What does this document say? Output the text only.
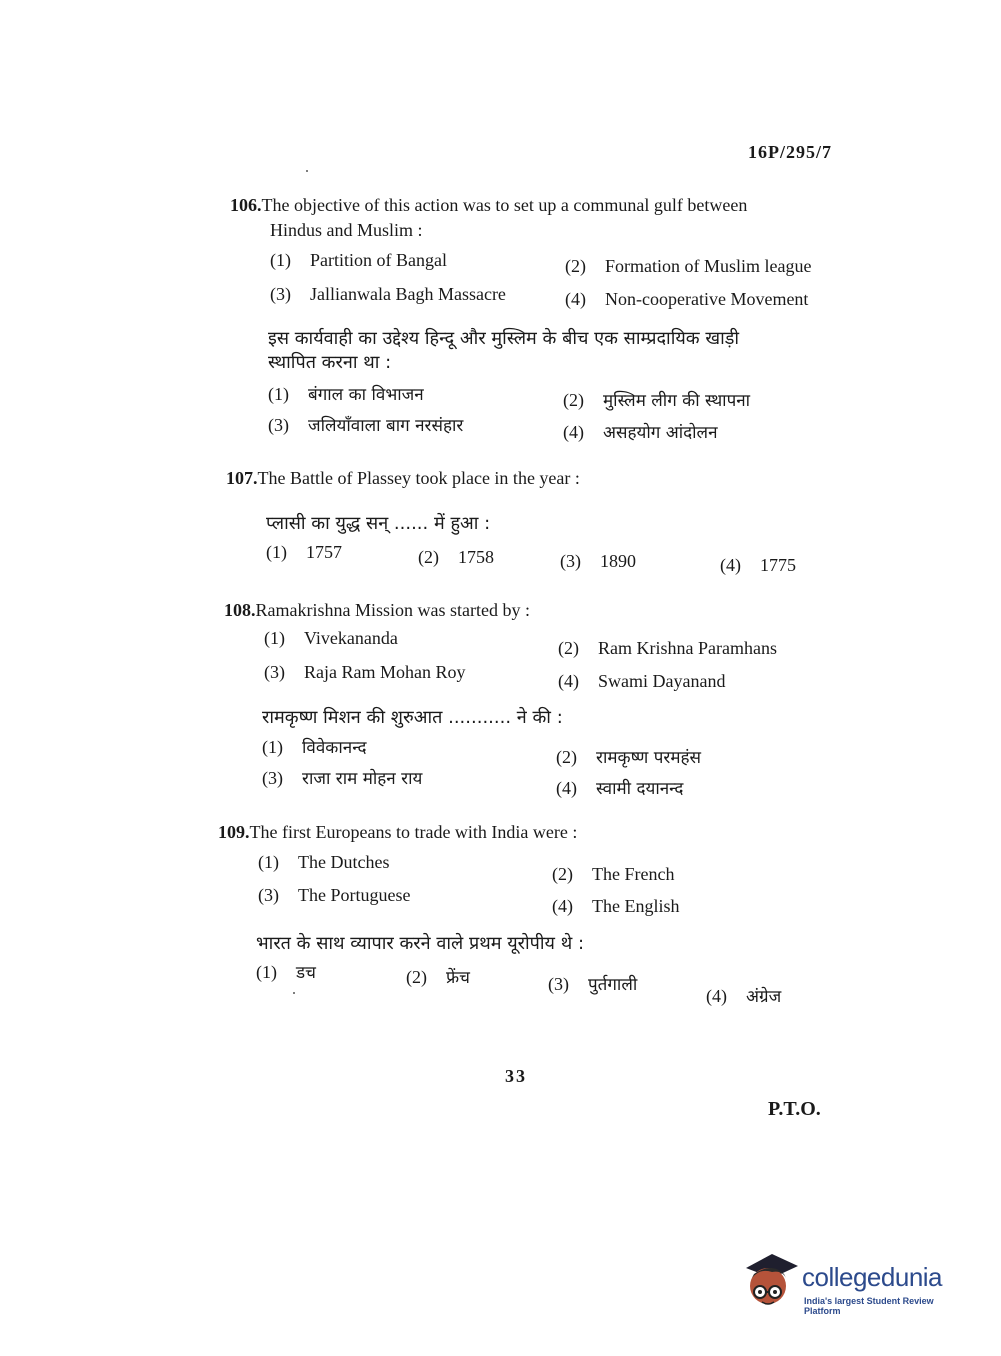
16P/295/7
106.The objective of this action was to set up a communal gulf between
Hindus and Muslim :
(1) Partition of Bangal	(2) Formation of Muslim league
(3) Jallianwala Bagh Massacre	(4) Non-cooperative Movement
इस कार्यवाही का उद्देश्य हिन्दू और मुस्लिम के बीच एक साम्प्रदायिक खाड़ी
स्थापित करना था :
(1) बंगाल का विभाजन	(2) मुस्लिम लीग की स्थापना
(3) जलियाँवाला बाग नरसंहार	(4) असहयोग आंदोलन
107.The Battle of Plassey took place in the year :
प्लासी का युद्ध सन् ...... में हुआ :
(1) 1757	(2) 1758	(3) 1890	(4) 1775
108.Ramakrishna Mission was started by :
(1) Vivekananda	(2) Ram Krishna Paramhans
(3) Raja Ram Mohan Roy	(4) Swami Dayanand
रामकृष्ण मिशन की शुरुआत ........... ने की :
(1) विवेकानन्द	(2) रामकृष्ण परमहंस
(3) राजा राम मोहन राय	(4) स्वामी दयानन्द
109.The first Europeans to trade with India were :
(1) The Dutches
(2) The French
(3) The Portuguese
(4) The English
भारत के साथ व्यापार करने वाले प्रथम यूरोपीय थे :
(1) डच	(2) फ्रेंच	(3) पुर्तगाली
(4) अंग्रेज
33
P.T.O.
collegedunia
India's largest Student Review Platform
